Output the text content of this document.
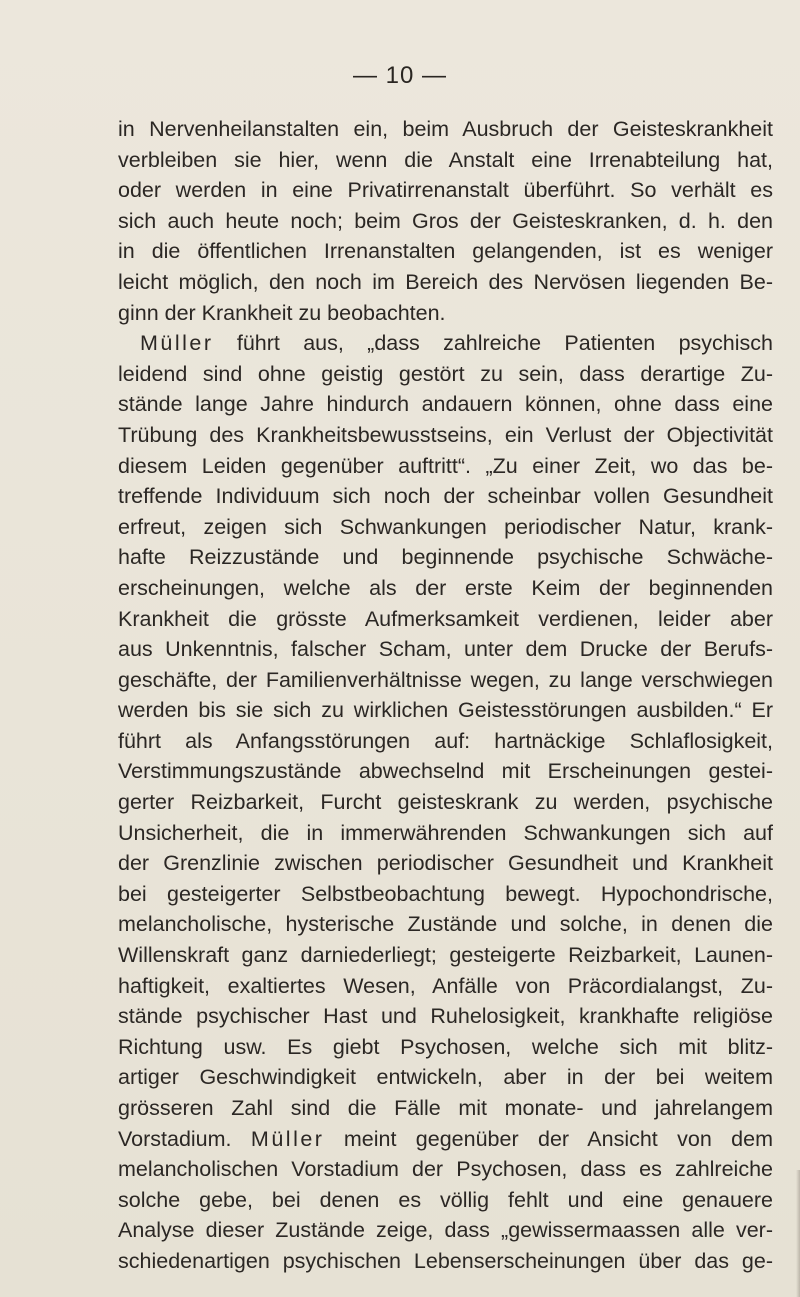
— 10 —

in Nervenheilanstalten ein, beim Ausbruch der Geisteskrankheit
verbleiben sie hier, wenn die Anstalt eine Irrenabteilung hat,
oder werden in eine Privatirrenanstalt überführt. So verhält es
sich auch heute noch; beim Gros der Geisteskranken, d. h. den
in die öffentlichen Irrenanstalten gelangenden, ist es weniger
leicht möglich, den noch im Bereich des Nervösen liegenden Be-
ginn der Krankheit zu beobachten.
Müller führt aus, „dass zahlreiche Patienten psychisch
leidend sind ohne geistig gestört zu sein, dass derartige Zu-
stände lange Jahre hindurch andauern können, ohne dass eine
Trübung des Krankheitsbewusstseins, ein Verlust der Objectivität
diesem Leiden gegenüber auftritt“. „Zu einer Zeit, wo das be-
treffende Individuum sich noch der scheinbar vollen Gesundheit
erfreut, zeigen sich Schwankungen periodischer Natur, krank-
hafte Reizzustände und beginnende psychische Schwäche-
erscheinungen, welche als der erste Keim der beginnenden
Krankheit die grösste Aufmerksamkeit verdienen, leider aber
aus Unkenntnis, falscher Scham, unter dem Drucke der Berufs-
geschäfte, der Familienverhältnisse wegen, zu lange verschwiegen
werden bis sie sich zu wirklichen Geistesstörungen ausbilden.“ Er
führt als Anfangsstörungen auf: hartnäckige Schlaflosigkeit,
Verstimmungszustände abwechselnd mit Erscheinungen gestei-
gerter Reizbarkeit, Furcht geisteskrank zu werden, psychische
Unsicherheit, die in immerwährenden Schwankungen sich auf
der Grenzlinie zwischen periodischer Gesundheit und Krankheit
bei gesteigerter Selbstbeobachtung bewegt. Hypochondrische,
melancholische, hysterische Zustände und solche, in denen die
Willenskraft ganz darniederliegt; gesteigerte Reizbarkeit, Launen-
haftigkeit, exaltiertes Wesen, Anfälle von Präcordialangst, Zu-
stände psychischer Hast und Ruhelosigkeit, krankhafte religiöse
Richtung usw. Es giebt Psychosen, welche sich mit blitz-
artiger Geschwindigkeit entwickeln, aber in der bei weitem
grösseren Zahl sind die Fälle mit monate- und jahrelangem
Vorstadium. Müller meint gegenüber der Ansicht von dem
melancholischen Vorstadium der Psychosen, dass es zahlreiche
solche gebe, bei denen es völlig fehlt und eine genauere
Analyse dieser Zustände zeige, dass „gewissermaassen alle ver-
schiedenartigen psychischen Lebenserscheinungen über das ge-
